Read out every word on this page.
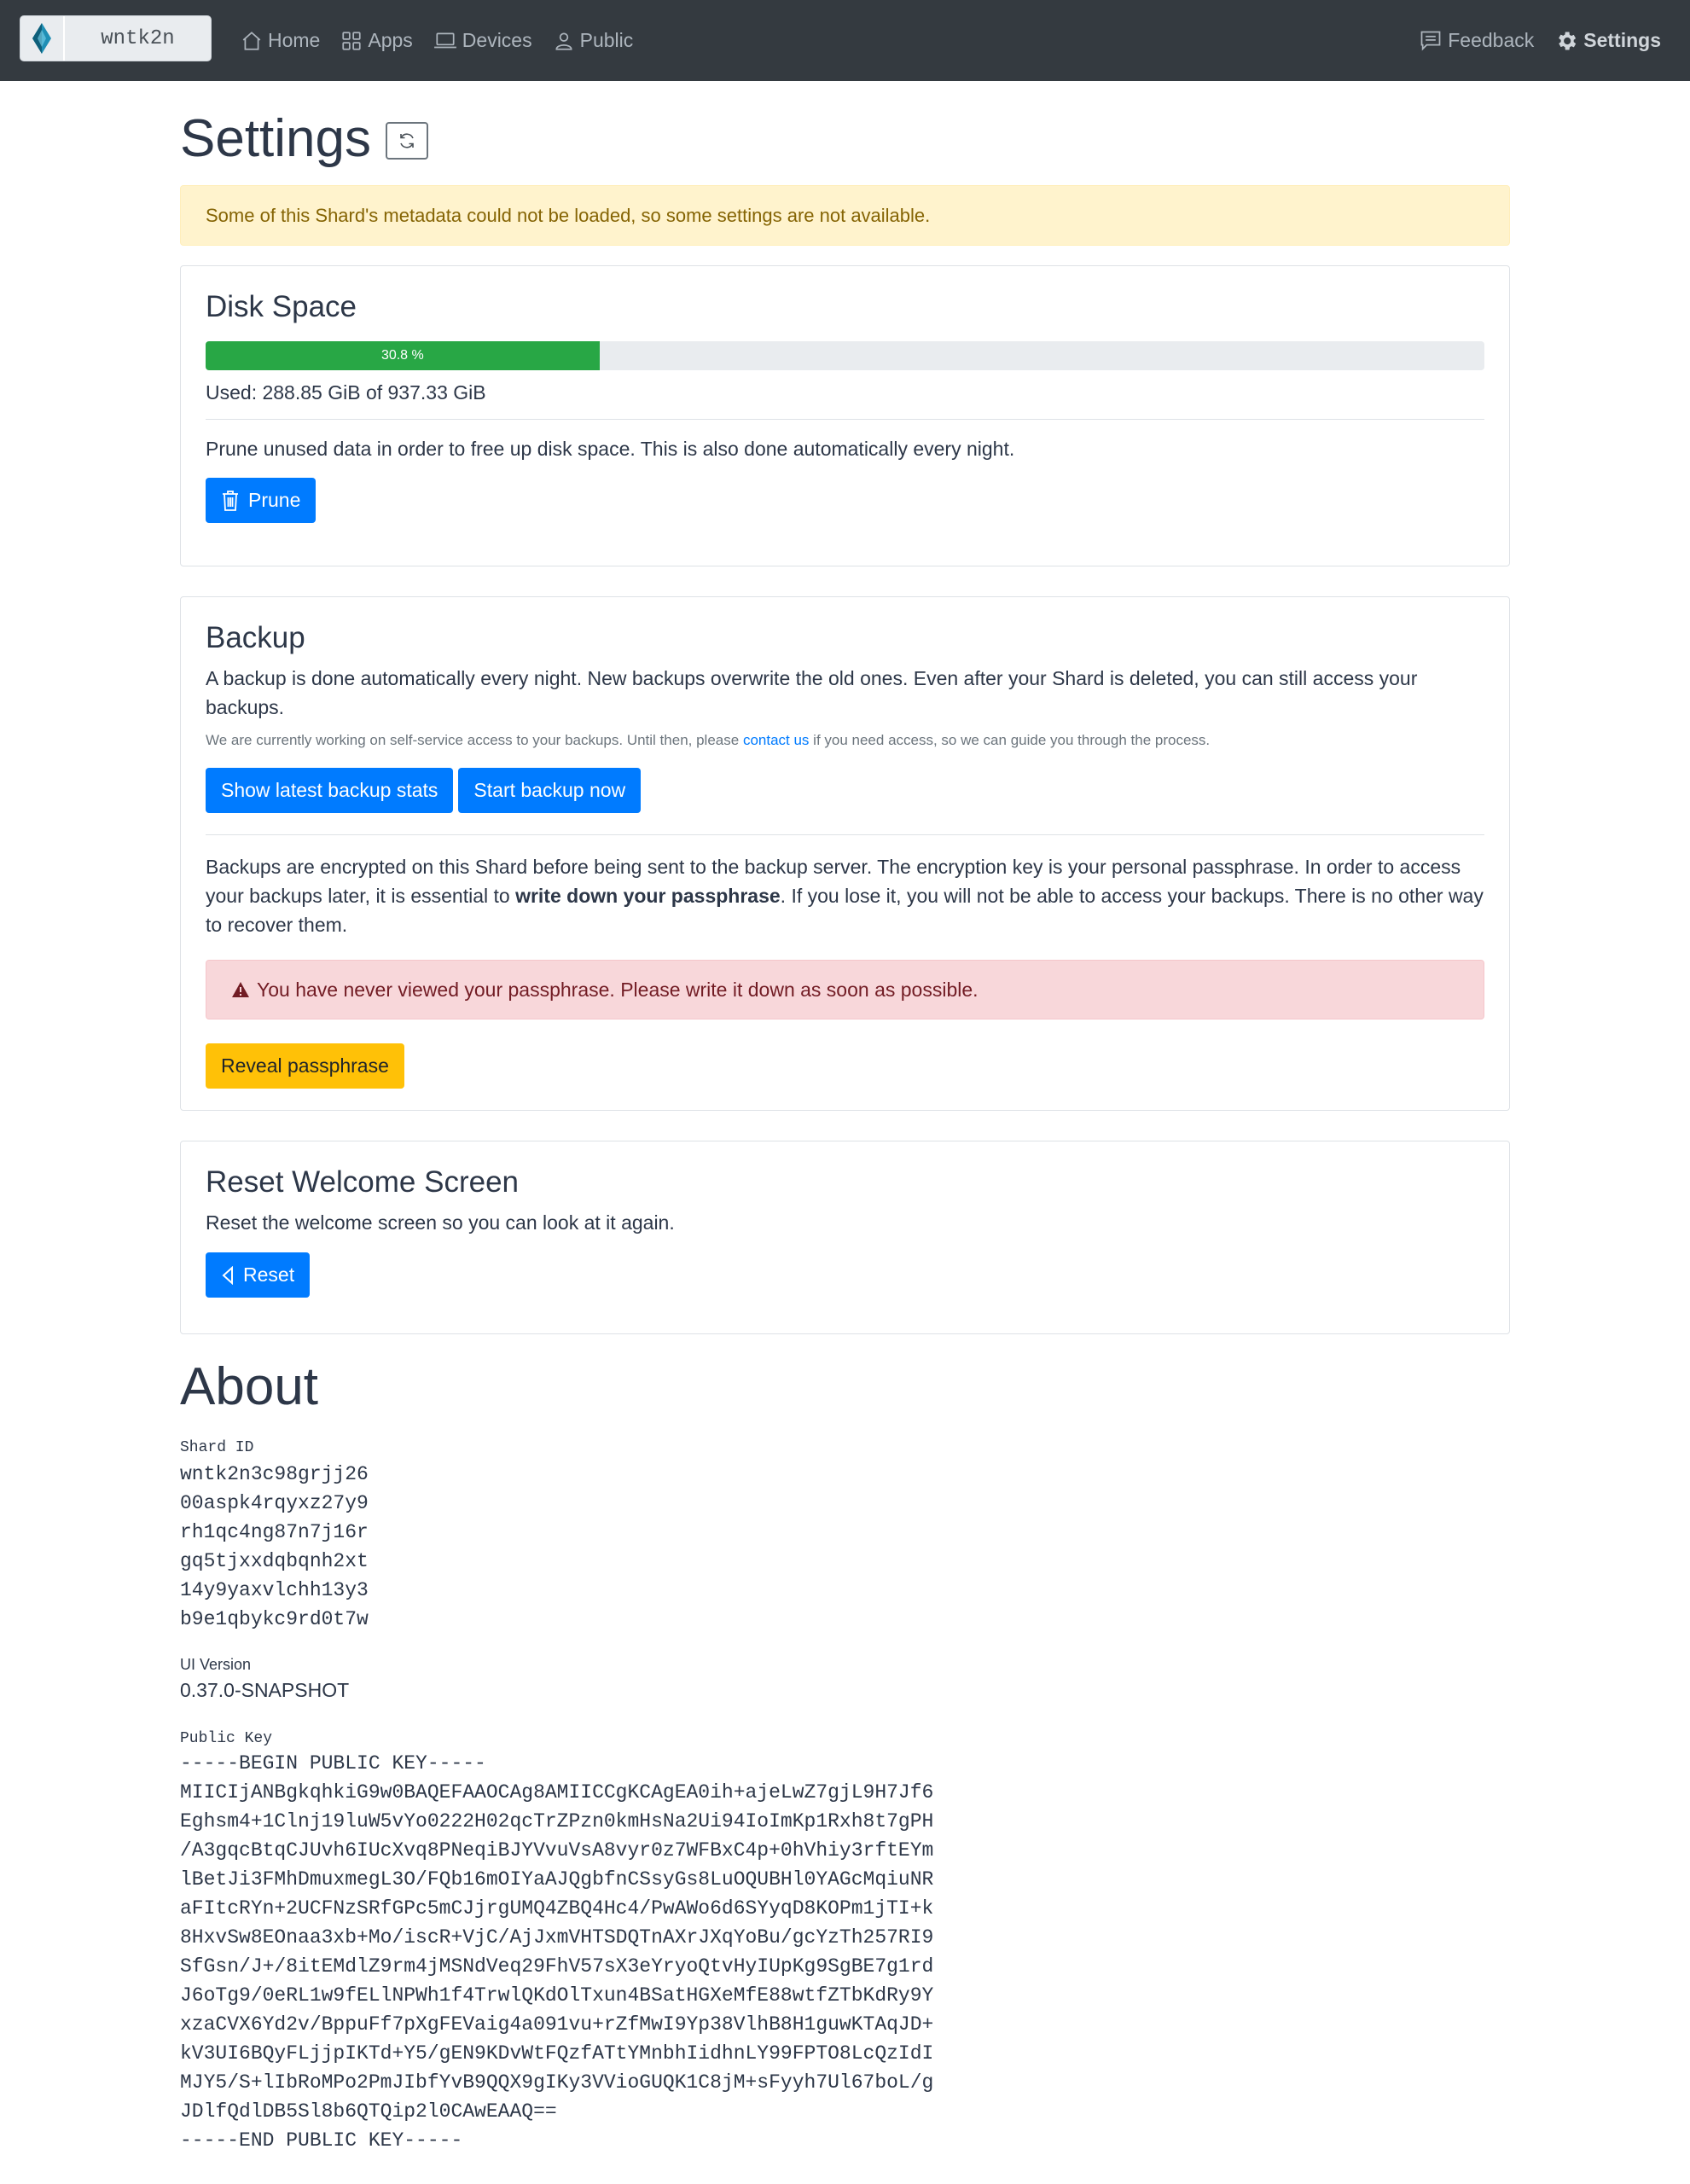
wntk2n	Home Apps	Devices Public	Feedback	Settings
Settings
Some of this Shard's metadata could not be loaded, so some settings are not available.
Disk Space
30.8 %
Used: 288.85 GiB of 937.33 GiB
Prune unused data in order to free up disk space. This is also done automatically every night.
Prune
Backup
A backup is done automatically every night. New backups overwrite the old ones. Even after your Shard is deleted, you can still access your backups.
We are currently working on self-service access to your backups. Until then, please contact us if you need access, so we can guide you through the process.
Show latest backup stats	Start backup now
Backups are encrypted on this Shard before being sent to the backup server. The encryption key is your personal passphrase. In order to access your backups later, it is essential to write down your passphrase. If you lose it, you will not be able to access your backups. There is no other way to recover them.
You have never viewed your passphrase. Please write it down as soon as possible.
Reveal passphrase
Reset Welcome Screen
Reset the welcome screen so you can look at it again.
Reset
About
Shard ID
wntk2n3c98grjj26
00aspk4rqyxz27y9
rh1qc4ng87n7j16r
gq5tjxxdqbqnh2xt
14y9yaxvlchh13y3
b9e1qbykc9rd0t7w
UI Version
0.37.0-SNAPSHOT
Public Key
-----BEGIN PUBLIC KEY-----
MIICIjANBgkqhkiG9w0BAQEFAAOCAg8AMIICCgKCAgEA0ih+ajeLwZ7gjL9H7Jf6
Eghsm4+1Clnj19luW5vYo0222H02qcTrZPzn0kmHsNa2Ui94IoImKp1Rxh8t7gPH
/A3gqcBtqCJUvh6IUcXvq8PNeqiBJYVvuVsA8vyr0z7WFBxC4p+0hVhiy3rftEYm
lBetJi3FMhDmuxmegL3O/FQb16mOIYaAJQgbfnCSsyGs8LuOQUBHl0YAGcMqiuNR
aFItcRYn+2UCFNzSRfGPc5mCJjrgUMQ4ZBQ4Hc4/PwAWo6d6SYyqD8KOPm1jTI+k
8HxvSw8EOnaa3xb+Mo/iscR+VjC/AjJxmVHTSDQTnAXrJXqYoBu/gcYzTh257RI9
SfGsn/J+/8itEMdlZ9rm4jMSNdVeq29FhV57sX3eYryoQtvHyIUpKg9SgBE7g1rd
J6oTg9/0eRL1w9fELlNPWh1f4TrwlQKdOlTxun4BSatHGXeMfE88wtfZTbKdRy9Y
xzaCVX6Yd2v/BppuFf7pXgFEVaig4a091vu+rZfMwI9Yp38VlhB8H1guwKTAqJD+
kV3UI6BQyFLjjpIKTd+Y5/gEN9KDvWtFQzfATtYMnbhIidhnLY99FPTO8LcQzIdI
MJY5/S+lIbRoMPo2PmJIbfYvB9QQX9gIKy3VVioGUQK1C8jM+sFyyh7Ul67boL/g
JDlfQdlDB5Sl8b6QTQip2l0CAwEAAQ==
-----END PUBLIC KEY-----
